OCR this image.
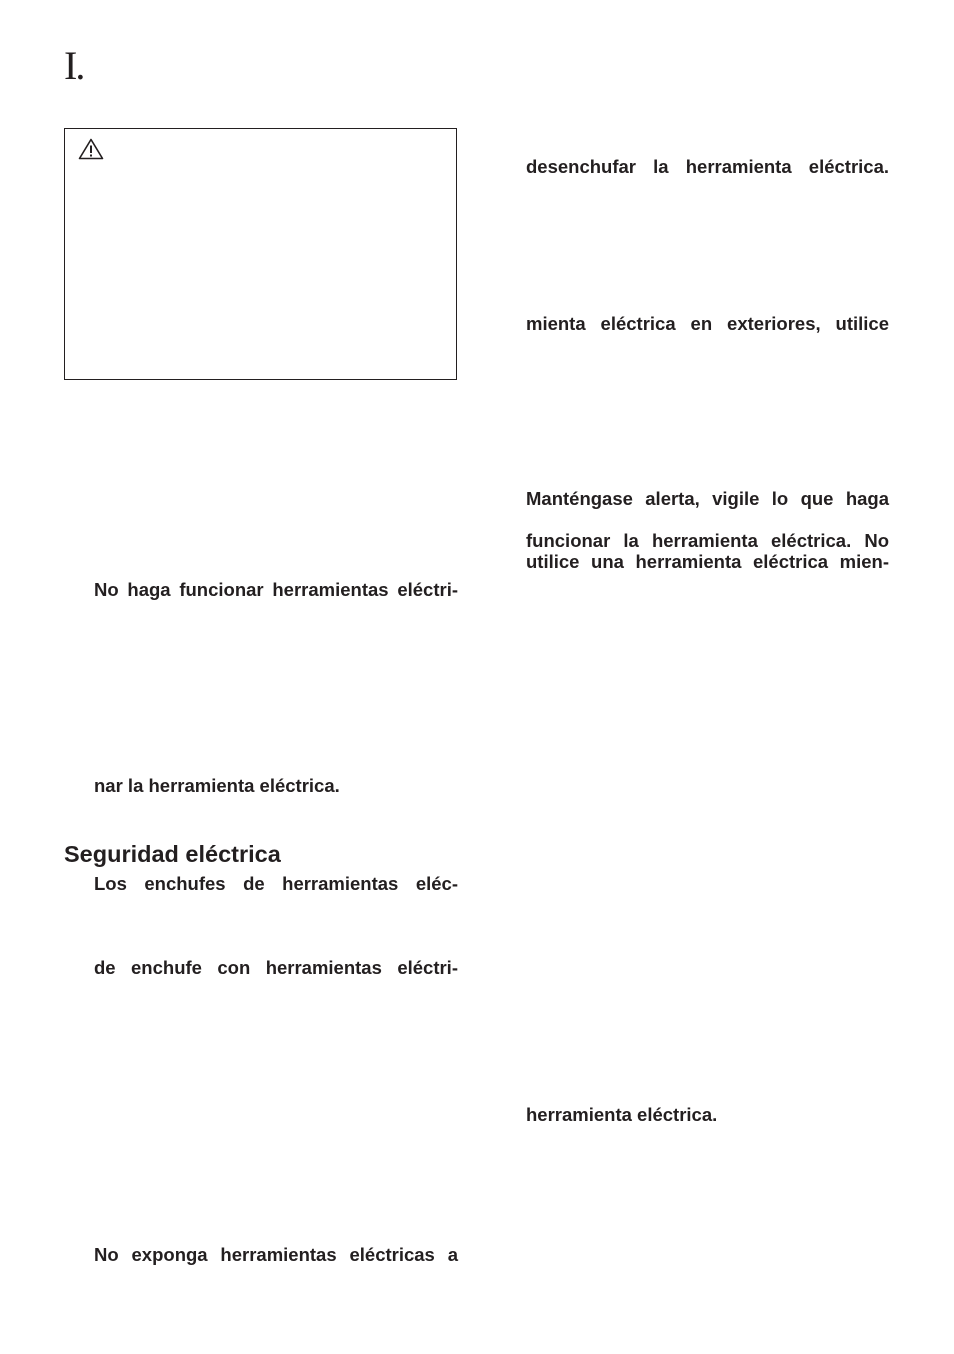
I.

No haga funcionar herramientas eléctri-

nar la herramienta eléctrica.

Seguridad eléctrica

Los enchufes de herramientas eléc-

de enchufe con herramientas eléctri-

No exponga herramientas eléctricas a

desenchufar la herramienta eléctrica.

mienta eléctrica en exteriores, utilice

Manténgase alerta, vigile lo que haga

funcionar la herramienta eléctrica. No

utilice una herramienta eléctrica mien-

herramienta eléctrica.
